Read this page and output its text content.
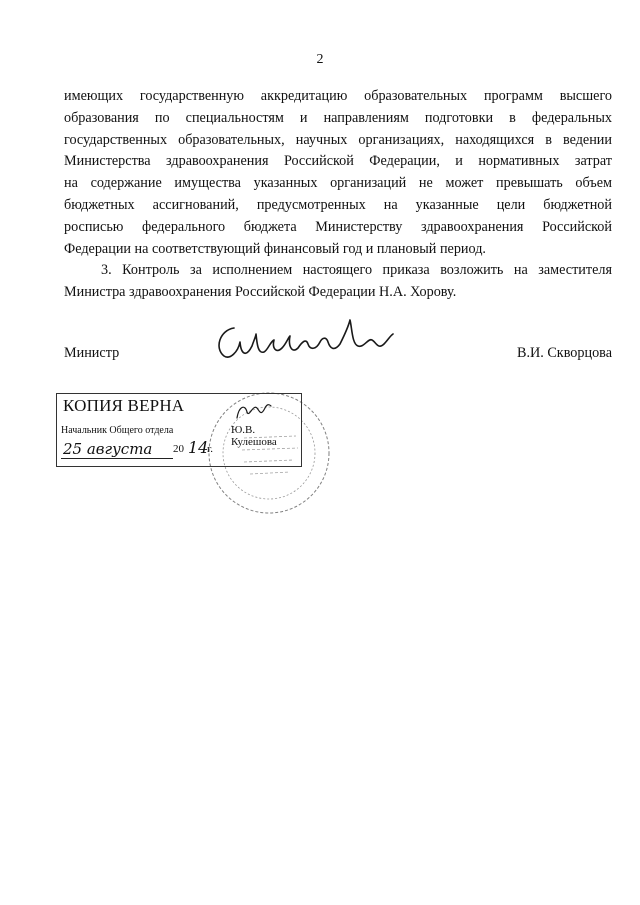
2
имеющих государственную аккредитацию образовательных программ высшего
образования по специальностям и направлениям подготовки в федеральных
государственных образовательных, научных организациях, находящихся в ведении
Министерства здравоохранения Российской Федерации, и нормативных затрат
на содержание имущества указанных организаций не может превышать объем
бюджетных ассигнований, предусмотренных на указанные цели бюджетной
росписью федерального бюджета Министерству здравоохранения Российской
Федерации на соответствующий финансовый год и плановый период.
3. Контроль за исполнением настоящего приказа возложить на заместителя
Министра здравоохранения Российской Федерации Н.А. Хорову.
Министр	В.И. Скворцова
КОПИЯ ВЕРНА
Начальник Общего отдела	Ю.В. Кулешова
25 августа	20 14
г.
